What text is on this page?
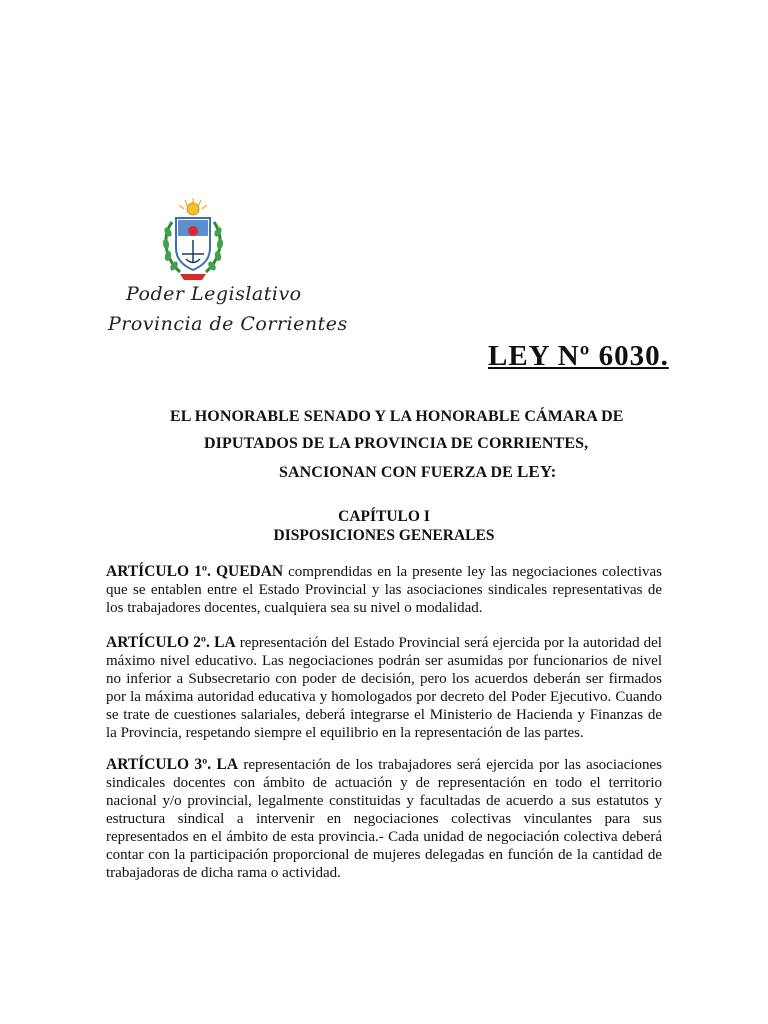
Poder Legislativo
Provincia de Corrientes
LEY Nº 6030.
EL HONORABLE SENADO Y LA HONORABLE CÁMARA DE
DIPUTADOS DE LA PROVINCIA DE CORRIENTES,
SANCIONAN CON FUERZA DE LEY:
CAPÍTULO I
DISPOSICIONES GENERALES

ARTÍCULO 1º. QUEDAN comprendidas en la presente ley las negociaciones colectivas que se entablen entre el Estado Provincial y las asociaciones sindicales representativas de los trabajadores docentes, cualquiera sea su nivel o modalidad.

ARTÍCULO 2º. LA representación del Estado Provincial será ejercida por la autoridad del máximo nivel educativo. Las negociaciones podrán ser asumidas por funcionarios de nivel no inferior a Subsecretario con poder de decisión, pero los acuerdos deberán ser firmados por la máxima autoridad educativa y homologados por decreto del Poder Ejecutivo. Cuando se trate de cuestiones salariales, deberá integrarse el Ministerio de Hacienda y Finanzas de la Provincia, respetando siempre el equilibrio en la representación de las partes.

ARTÍCULO 3º. LA representación de los trabajadores será ejercida por las asociaciones sindicales docentes con ámbito de actuación y de representación en todo el territorio nacional y/o provincial, legalmente constituidas y facultadas de acuerdo a sus estatutos y estructura sindical a intervenir en negociaciones colectivas vinculantes para sus representados en el ámbito de esta provincia.- Cada unidad de negociación colectiva deberá contar con la participación proporcional de mujeres delegadas en función de la cantidad de trabajadoras de dicha rama o actividad.
